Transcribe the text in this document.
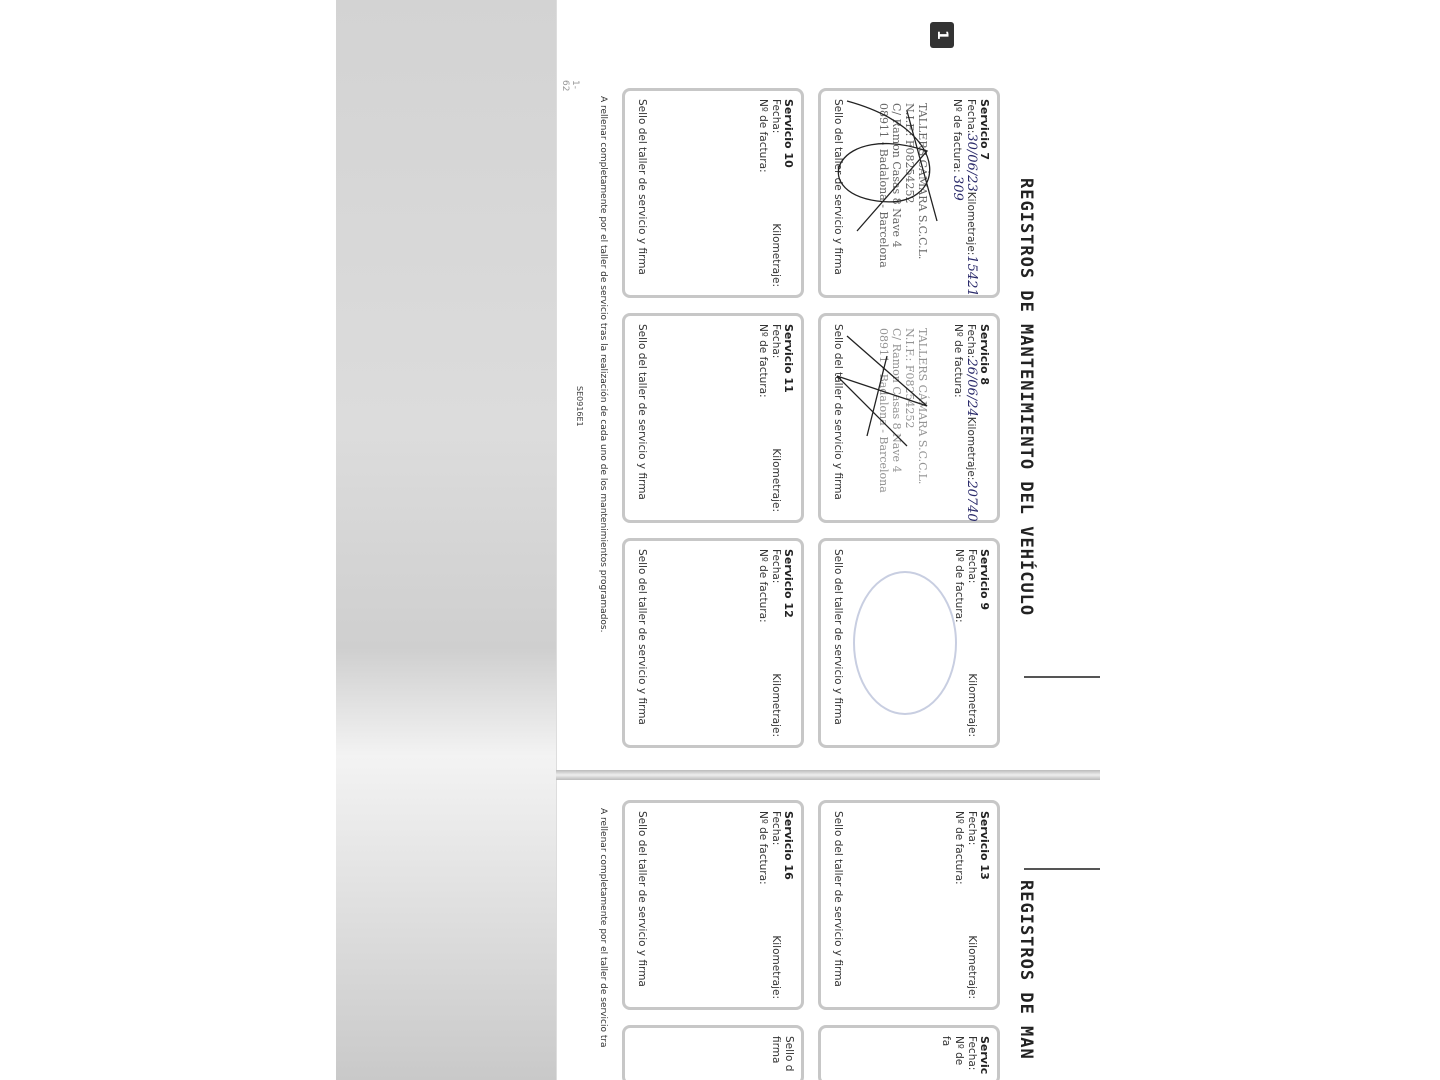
1
REGISTROS DE MANTENIMIENTO DEL VEHÍCULO
Servicio 7
Fecha:30/06/23
Kilometraje:15421
Nº de factura: 309
TALLERS CÁMARA S.C.C.L.
N.I.F.: F08254252
C/ Ramon Casas 8 Nave 4
08911 - Badalona - Barcelona
Sello del taller de servicio y firma
Servicio 8
Fecha:26/06/24
Kilometraje:20740
Nº de factura:
TALLERS CÁMARA S.C.C.L.
N.I.F.: F08254252
C/ Ramon Casas 8 Nave 4
08911 - Badalona - Barcelona
Sello del taller de servicio y firma
Servicio 9
Fecha:
Kilometraje:
Nº de factura:
Sello del taller de servicio y firma
Servicio 10
Fecha:
Kilometraje:
Nº de factura:
Sello del taller de servicio y firma
Servicio 11
Fecha:
Kilometraje:
Nº de factura:
Sello del taller de servicio y firma
Servicio 12
Fecha:
Kilometraje:
Nº de factura:
Sello del taller de servicio y firma
A rellenar completamente por el taller de servicio tras la realización de cada uno de los mantenimientos programados.
SE0916E1
1-62
REGISTROS DE MAN
Servicio 13
Fecha:
Kilometraje:
Nº de factura:
Sello del taller de servicio y firma
Servicio 16
Fecha:
Kilometraje:
Nº de factura:
Sello del taller de servicio y firma
Servic
Fecha:
Nº de fa
Sello d
firma
A rellenar completamente por el taller de servicio tra
